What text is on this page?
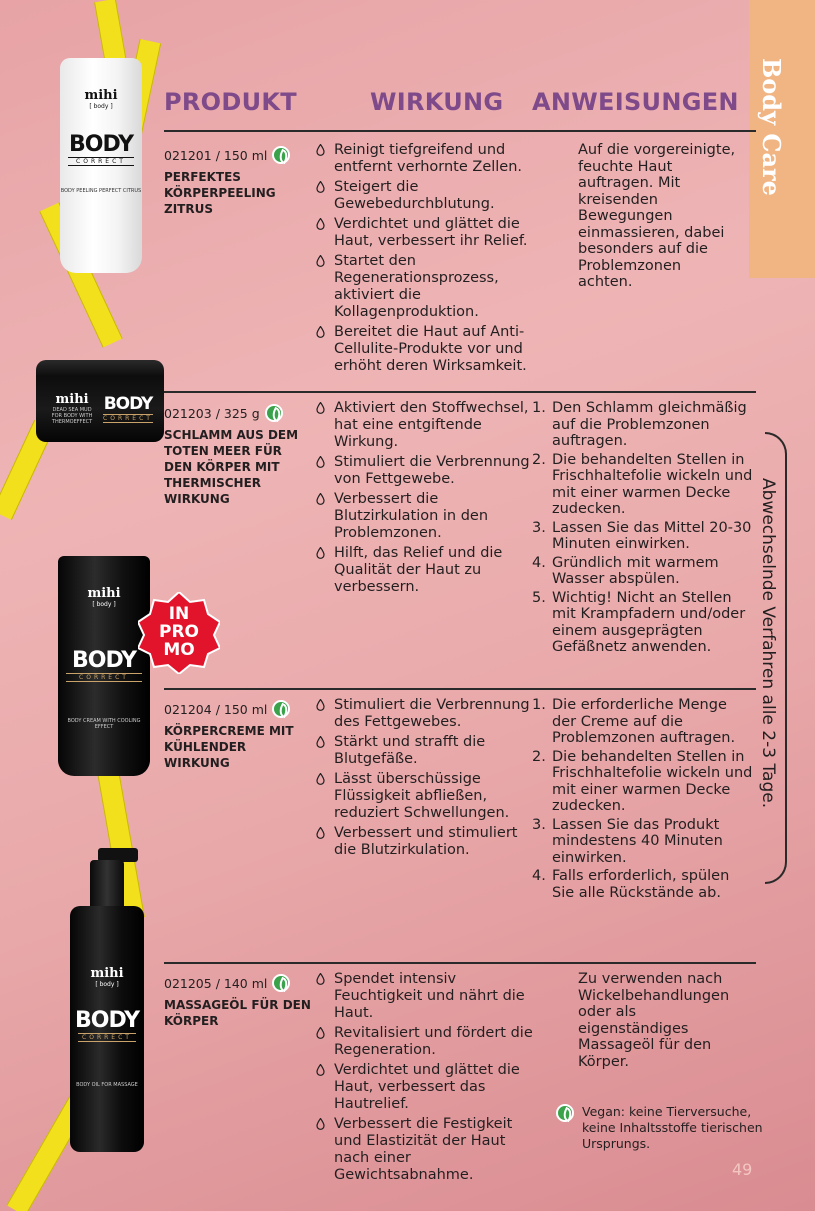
PRODUKT	WIRKUNG ANWEISUNGEN Body Care
mihi
[ body ]
BODY
CORRECT
BODY PEELING PERFECT CITRUS
mihi
DEAD SEA MUD FOR BODY WITH THERMOEFFECT
BODY
CORRECT
mihi
[ body ]
BODY
CORRECT
BODY CREAM WITH COOLING EFFECT
mihi
[ body ]
BODY
CORRECT
BODY OIL FOR MASSAGE
IN
PRO
MO
021201 / 150 ml
PERFEKTES KÖRPERPEELING ZITRUS
Reinigt tiefgreifend und entfernt verhornte Zellen.
Steigert die Gewebedurchblutung.
Verdichtet und glättet die Haut, verbessert ihr Relief.
Startet den Regenerationsprozess, aktiviert die Kollagenproduktion.
Bereitet die Haut auf Anti-Cellulite-Produkte vor und erhöht deren Wirksamkeit.
Auf die vorgereinigte, feuchte Haut auftragen. Mit kreisenden Bewegungen einmassieren, dabei besonders auf die Problemzonen achten.
021203 / 325 g
SCHLAMM AUS DEM TOTEN MEER FÜR DEN KÖRPER MIT THERMISCHER WIRKUNG
Aktiviert den Stoffwechsel, hat eine entgiftende Wirkung.
Stimuliert die Verbrennung von Fettgewebe.
Verbessert die Blutzirkulation in den Problemzonen.
Hilft, das Relief und die Qualität der Haut zu verbessern.
1. Den Schlamm gleichmäßig auf die Problemzonen auftragen.
2. Die behandelten Stellen in Frischhaltefolie wickeln und mit einer warmen Decke zudecken.
3. Lassen Sie das Mittel 20-30 Minuten einwirken.
4. Gründlich mit warmem Wasser abspülen.
5. Wichtig! Nicht an Stellen mit Krampfadern und/oder einem ausgeprägten Gefäßnetz anwenden.
021204 / 150 ml
KÖRPERCREME MIT KÜHLENDER WIRKUNG
Stimuliert die Verbrennung des Fettgewebes.
Stärkt und strafft die Blutgefäße.
Lässt überschüssige Flüssigkeit abfließen, reduziert Schwellungen.
Verbessert und stimuliert die Blutzirkulation.
1. Die erforderliche Menge der Creme auf die Problemzonen auftragen.
2. Die behandelten Stellen in Frischhaltefolie wickeln und mit einer warmen Decke zudecken.
3. Lassen Sie das Produkt mindestens 40 Minuten einwirken.
4. Falls erforderlich, spülen Sie alle Rückstände ab.
021205 / 140 ml
MASSAGEÖL FÜR DEN KÖRPER
Spendet intensiv Feuchtigkeit und nährt die Haut.
Revitalisiert und fördert die Regeneration.
Verdichtet und glättet die Haut, verbessert das Hautrelief.
Verbessert die Festigkeit und Elastizität der Haut nach einer Gewichtsabnahme.
Zu verwenden nach Wickelbehandlungen oder als eigenständiges Massageöl für den Körper.
Abwechselnde Verfahren alle 2-3 Tage.
Vegan: keine Tierversuche, keine Inhaltsstoffe tierischen Ursprungs.
49
